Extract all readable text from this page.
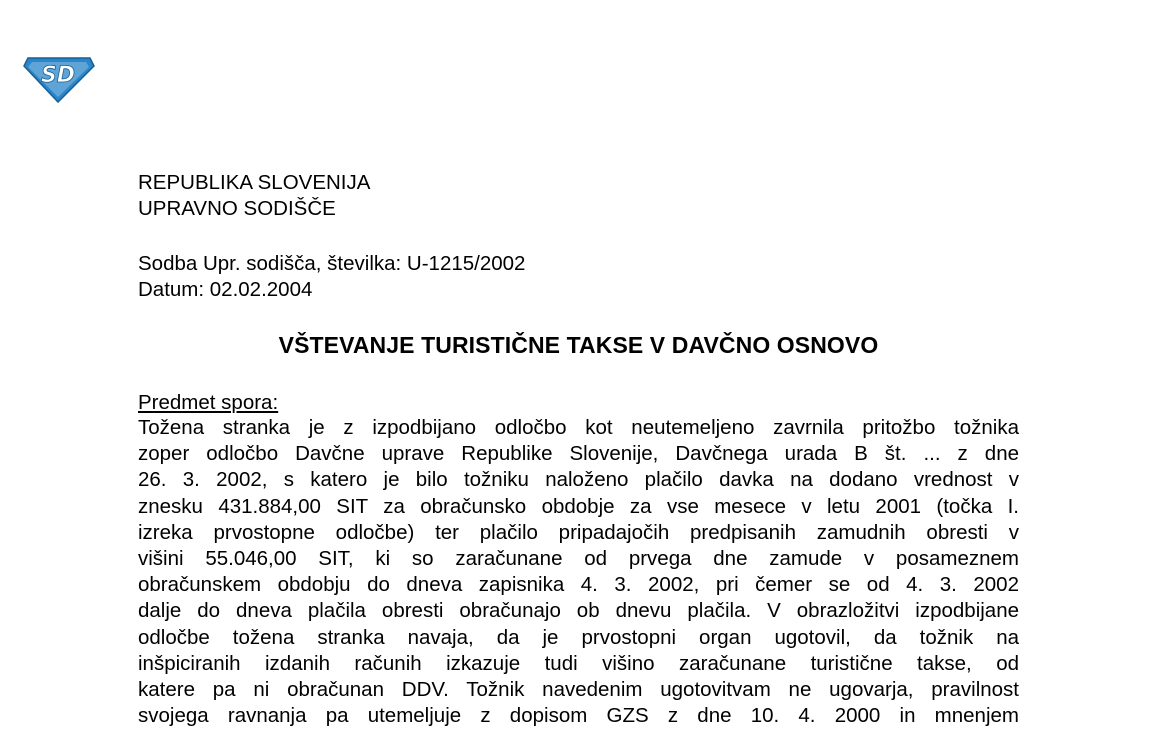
SD
REPUBLIKA SLOVENIJA
UPRAVNO SODIŠČE
Sodba Upr. sodišča, številka: U-1215/2002
Datum: 02.02.2004
VŠTEVANJE TURISTIČNE TAKSE V DAVČNO OSNOVO
Predmet spora:
Tožena stranka je z izpodbijano odločbo kot neutemeljeno zavrnila pritožbo tožnika
zoper odločbo Davčne uprave Republike Slovenije, Davčnega urada B št. ... z dne
26. 3. 2002, s katero je bilo tožniku naloženo plačilo davka na dodano vrednost v
znesku 431.884,00 SIT za obračunsko obdobje za vse mesece v letu 2001 (točka I.
izreka prvostopne odločbe) ter plačilo pripadajočih predpisanih zamudnih obresti v
višini 55.046,00 SIT, ki so zaračunane od prvega dne zamude v posameznem
obračunskem obdobju do dneva zapisnika 4. 3. 2002, pri čemer se od 4. 3. 2002
dalje do dneva plačila obresti obračunajo ob dnevu plačila. V obrazložitvi izpodbijane
odločbe tožena stranka navaja, da je prvostopni organ ugotovil, da tožnik na
inšpiciranih izdanih računih izkazuje tudi višino zaračunane turistične takse, od
katere pa ni obračunan DDV. Tožnik navedenim ugotovitvam ne ugovarja, pravilnost
svojega ravnanja pa utemeljuje z dopisom GZS z dne 10. 4. 2000 in mnenjem
